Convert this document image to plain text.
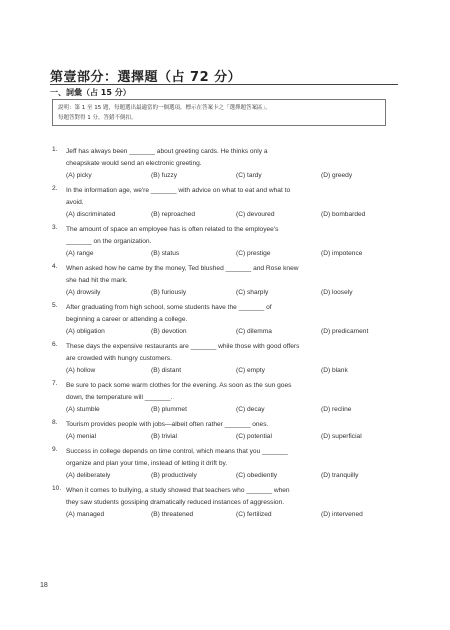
第壹部分：選擇題（占 72 分）
一、詞彙（占 15 分）
說明：第 1 至 15 題，每題選出最適當的一個選項，標示在答案卡之「選擇題答案區」。
每題答對得 1 分，答錯不倒扣。
1.	Jeff has always been _______ about greeting cards. He thinks only a
cheapskate would send an electronic greeting.
(A) picky	(B) fuzzy	(C) tardy	(D) greedy
2.	In the information age, we're _______ with advice on what to eat and what to
avoid.
(A) discriminated	(B) reproached	(C) devoured	(D) bombarded
3.	The amount of space an employee has is often related to the employee's
_______ on the organization.
(A) range	(B) status	(C) prestige	(D) impotence
4.	When asked how he came by the money, Ted blushed _______ and Rose knew
she had hit the mark.
(A) drowsily	(B) furiously	(C) sharply	(D) loosely
5.	After graduating from high school, some students have the _______ of
beginning a career or attending a college.
(A) obligation	(B) devotion	(C) dilemma	(D) predicament
6.	These days the expensive restaurants are _______ while those with good offers
are crowded with hungry customers.
(A) hollow	(B) distant	(C) empty	(D) blank
7.	Be sure to pack some warm clothes for the evening. As soon as the sun goes
down, the temperature will _______.
(A) stumble	(B) plummet	(C) decay	(D) recline
8.	Tourism provides people with jobs—albeit often rather _______ ones.
(A) menial	(B) trivial	(C) potential	(D) superficial
9.	Success in college depends on time control, which means that you _______
organize and plan your time, instead of letting it drift by.
(A) deliberately	(B) productively	(C) obediently	(D) tranquilly
10. When it comes to bullying, a study showed that teachers who _______ when
they saw students gossiping dramatically reduced instances of aggression.
(A) managed	(B) threatened	(C) fertilized	(D) intervened
18
